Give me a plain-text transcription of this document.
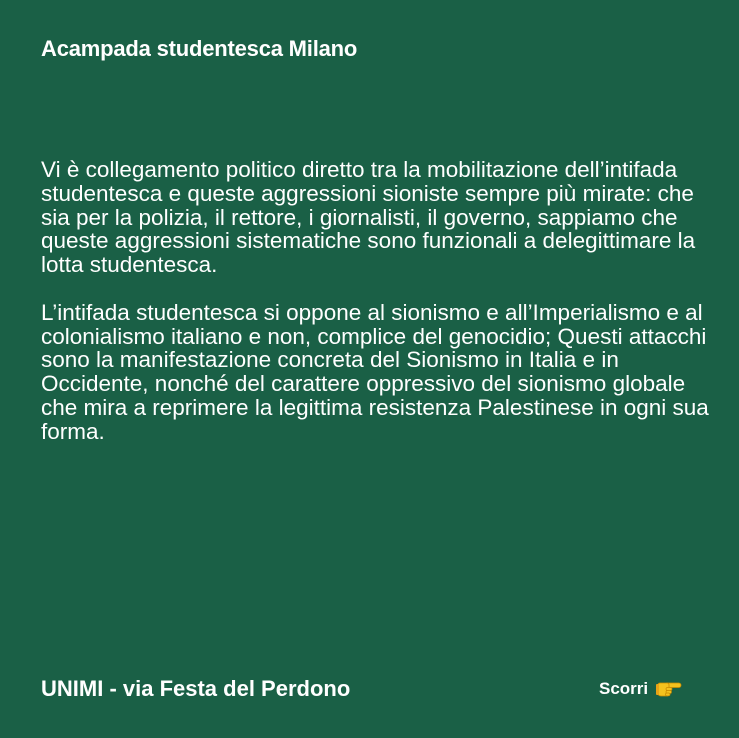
Acampada studentesca Milano

Vi è collegamento politico diretto tra la mobilitazione dell’intifada studentesca e queste aggressioni sioniste sempre più mirate: che sia per la polizia, il rettore, i giornalisti, il governo, sappiamo che queste aggressioni sistematiche sono funzionali a delegittimare la lotta studentesca.

L’intifada studentesca si oppone al sionismo e all’Imperialismo e al colonialismo italiano e non, complice del genocidio; Questi attacchi sono la manifestazione concreta del Sionismo in Italia e in Occidente, nonché del carattere oppressivo del sionismo globale che mira a reprimere la legittima resistenza Palestinese in ogni sua forma.

UNIMI - via Festa del Perdono	Scorri
